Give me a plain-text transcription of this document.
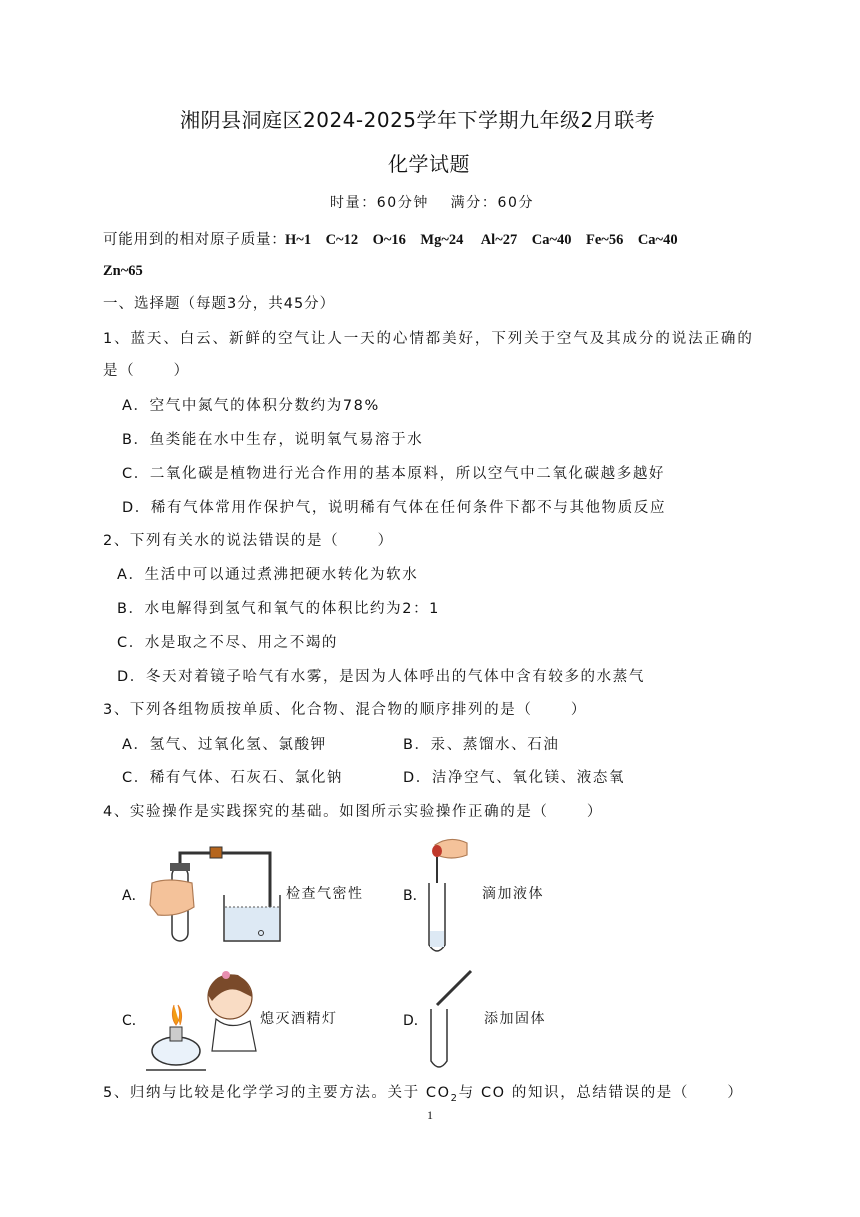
湘阴县洞庭区2024-2025学年下学期九年级2月联考
化学试题
时量：60分钟　 满分：60分
可能用到的相对原子质量：
H~1　C~12　O~16　Mg~24　 Al~27　Ca~40　Fe~56　Ca~40
Zn~65
一、选择题（每题3分，共45分）
1、蓝天、白云、新鲜的空气让人一天的心情都美好，下列关于空气及其成分的说法正确的
是（　　 ）
A．空气中氮气的体积分数约为78%
B．鱼类能在水中生存，说明氧气易溶于水
C．二氧化碳是植物进行光合作用的基本原料，所以空气中二氧化碳越多越好
D．稀有气体常用作保护气，说明稀有气体在任何条件下都不与其他物质反应
2、下列有关水的说法错误的是（　　 ）
A．生活中可以通过煮沸把硬水转化为软水
B．水电解得到氢气和氧气的体积比约为2：1
C．水是取之不尽、用之不竭的
D．冬天对着镜子哈气有水雾，是因为人体呼出的气体中含有较多的水蒸气
3、下列各组物质按单质、化合物、混合物的顺序排列的是（　　 ）
A．氢气、过氧化氢、氯酸钾	B．汞、蒸馏水、石油
C．稀有气体、石灰石、氯化钠	D．洁净空气、氧化镁、液态氧
4、实验操作是实践探究的基础。如图所示实验操作正确的是（　　 ）
A．	检查气密性	B．	滴加液体
C．	熄灭酒精灯	D．	添加固体
5、归纳与比较是化学学习的主要方法。关于 $CO_2$与 CO 的知识，总结错误的是（　　 ）
1
